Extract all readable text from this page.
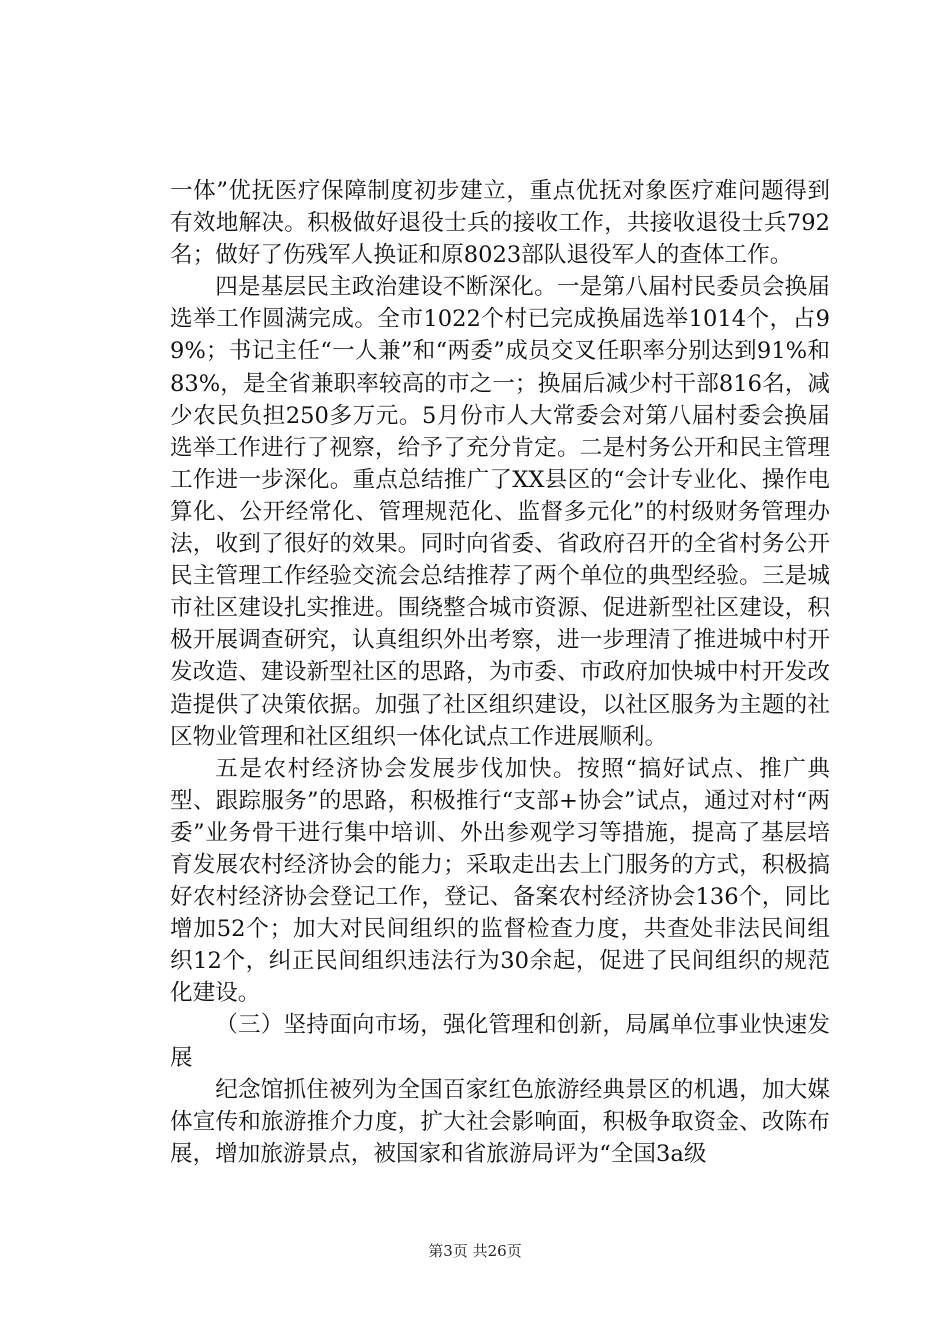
一体”优抚医疗保障制度初步建立，重点优抚对象医疗难问题得到有效地解决。积极做好退役士兵的接收工作，共接收退役士兵792名；做好了伤残军人换证和原8023部队退役军人的查体工作。

四是基层民主政治建设不断深化。一是第八届村民委员会换届选举工作圆满完成。全市1022个村已完成换届选举1014个，占99%；书记主任“一人兼”和“两委”成员交叉任职率分别达到91%和83%，是全省兼职率较高的市之一；换届后减少村干部816名，减少农民负担250多万元。5月份市人大常委会对第八届村委会换届选举工作进行了视察，给予了充分肯定。二是村务公开和民主管理工作进一步深化。重点总结推广了XX县区的“会计专业化、操作电算化、公开经常化、管理规范化、监督多元化”的村级财务管理办法，收到了很好的效果。同时向省委、省政府召开的全省村务公开民主管理工作经验交流会总结推荐了两个单位的典型经验。三是城市社区建设扎实推进。围绕整合城市资源、促进新型社区建设，积极开展调查研究，认真组织外出考察，进一步理清了推进城中村开发改造、建设新型社区的思路，为市委、市政府加快城中村开发改造提供了决策依据。加强了社区组织建设，以社区服务为主题的社区物业管理和社区组织一体化试点工作进展顺利。

五是农村经济协会发展步伐加快。按照“搞好试点、推广典型、跟踪服务”的思路，积极推行“支部+协会”试点，通过对村“两委”业务骨干进行集中培训、外出参观学习等措施，提高了基层培育发展农村经济协会的能力；采取走出去上门服务的方式，积极搞好农村经济协会登记工作，登记、备案农村经济协会136个，同比增加52个；加大对民间组织的监督检查力度，共查处非法民间组织12个，纠正民间组织违法行为30余起，促进了民间组织的规范化建设。

（三）坚持面向市场，强化管理和创新，局属单位事业快速发展

纪念馆抓住被列为全国百家红色旅游经典景区的机遇，加大媒体宣传和旅游推介力度，扩大社会影响面，积极争取资金、改陈布展，增加旅游景点，被国家和省旅游局评为“全国3a级

第3页 共26页
